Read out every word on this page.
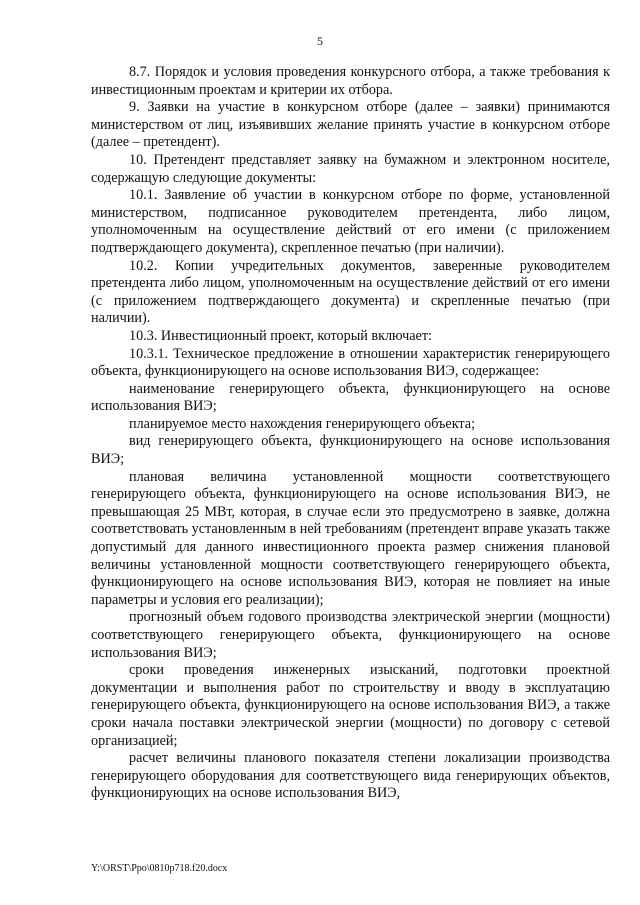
5

8.7. Порядок и условия проведения конкурсного отбора, а также требования к инвестиционным проектам и критерии их отбора.

9. Заявки на участие в конкурсном отборе (далее – заявки) принимаются министерством от лиц, изъявивших желание принять участие в конкурсном отборе (далее – претендент).

10. Претендент представляет заявку на бумажном и электронном носителе, содержащую следующие документы:

10.1. Заявление об участии в конкурсном отборе по форме, установленной министерством, подписанное руководителем претендента, либо лицом, уполномоченным на осуществление действий от его имени (с приложением подтверждающего документа), скрепленное печатью (при наличии).

10.2. Копии учредительных документов, заверенные руководителем претендента либо лицом, уполномоченным на осуществление действий от его имени (с приложением подтверждающего документа) и скрепленные печатью (при наличии).

10.3. Инвестиционный проект, который включает:

10.3.1. Техническое предложение в отношении характеристик генерирующего объекта, функционирующего на основе использования ВИЭ, содержащее:

наименование генерирующего объекта, функционирующего на основе использования ВИЭ;

планируемое место нахождения генерирующего объекта;

вид генерирующего объекта, функционирующего на основе использования ВИЭ;

плановая величина установленной мощности соответствующего генерирующего объекта, функционирующего на основе использования ВИЭ, не превышающая 25 МВт, которая, в случае если это предусмотрено в заявке, должна соответствовать установленным в ней требованиям (претендент вправе указать также допустимый для данного инвестиционного проекта размер снижения плановой величины установленной мощности соответствующего генерирующего объекта, функционирующего на основе использования ВИЭ, которая не повлияет на иные параметры и условия его реализации);

прогнозный объем годового производства электрической энергии (мощности) соответствующего генерирующего объекта, функционирующего на основе использования ВИЭ;

сроки проведения инженерных изысканий, подготовки проектной документации и выполнения работ по строительству и вводу в эксплуатацию генерирующего объекта, функционирующего на основе использования ВИЭ, а также сроки начала поставки электрической энергии (мощности) по договору с сетевой организацией;

расчет величины планового показателя степени локализации производства генерирующего оборудования для соответствующего вида генерирующих объектов, функционирующих на основе использования ВИЭ,

Y:\ORST\Ppo\0810p718.f20.docx
